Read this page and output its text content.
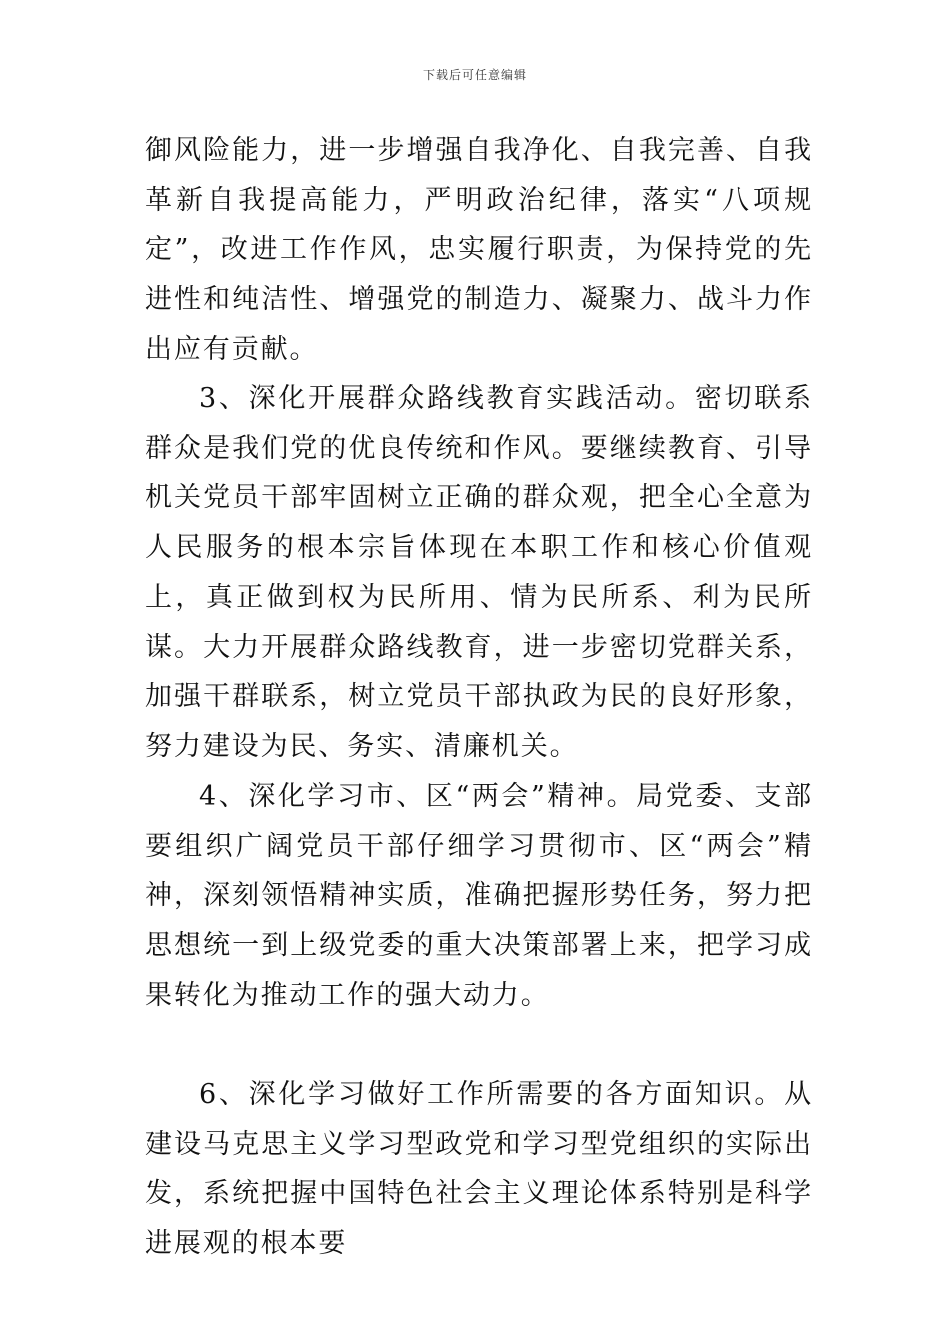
下载后可任意编辑

御风险能力，进一步增强自我净化、自我完善、自我革新自我提高能力，严明政治纪律，落实“八项规定”，改进工作作风，忠实履行职责，为保持党的先进性和纯洁性、增强党的制造力、凝聚力、战斗力作出应有贡献。

3、深化开展群众路线教育实践活动。密切联系群众是我们党的优良传统和作风。要继续教育、引导机关党员干部牢固树立正确的群众观，把全心全意为人民服务的根本宗旨体现在本职工作和核心价值观上，真正做到权为民所用、情为民所系、利为民所谋。大力开展群众路线教育，进一步密切党群关系，加强干群联系，树立党员干部执政为民的良好形象，努力建设为民、务实、清廉机关。

4、深化学习市、区“两会”精神。局党委、支部要组织广阔党员干部仔细学习贯彻市、区“两会”精神，深刻领悟精神实质，准确把握形势任务，努力把思想统一到上级党委的重大决策部署上来，把学习成果转化为推动工作的强大动力。

6、深化学习做好工作所需要的各方面知识。从建设马克思主义学习型政党和学习型党组织的实际出发，系统把握中国特色社会主义理论体系特别是科学进展观的根本要
